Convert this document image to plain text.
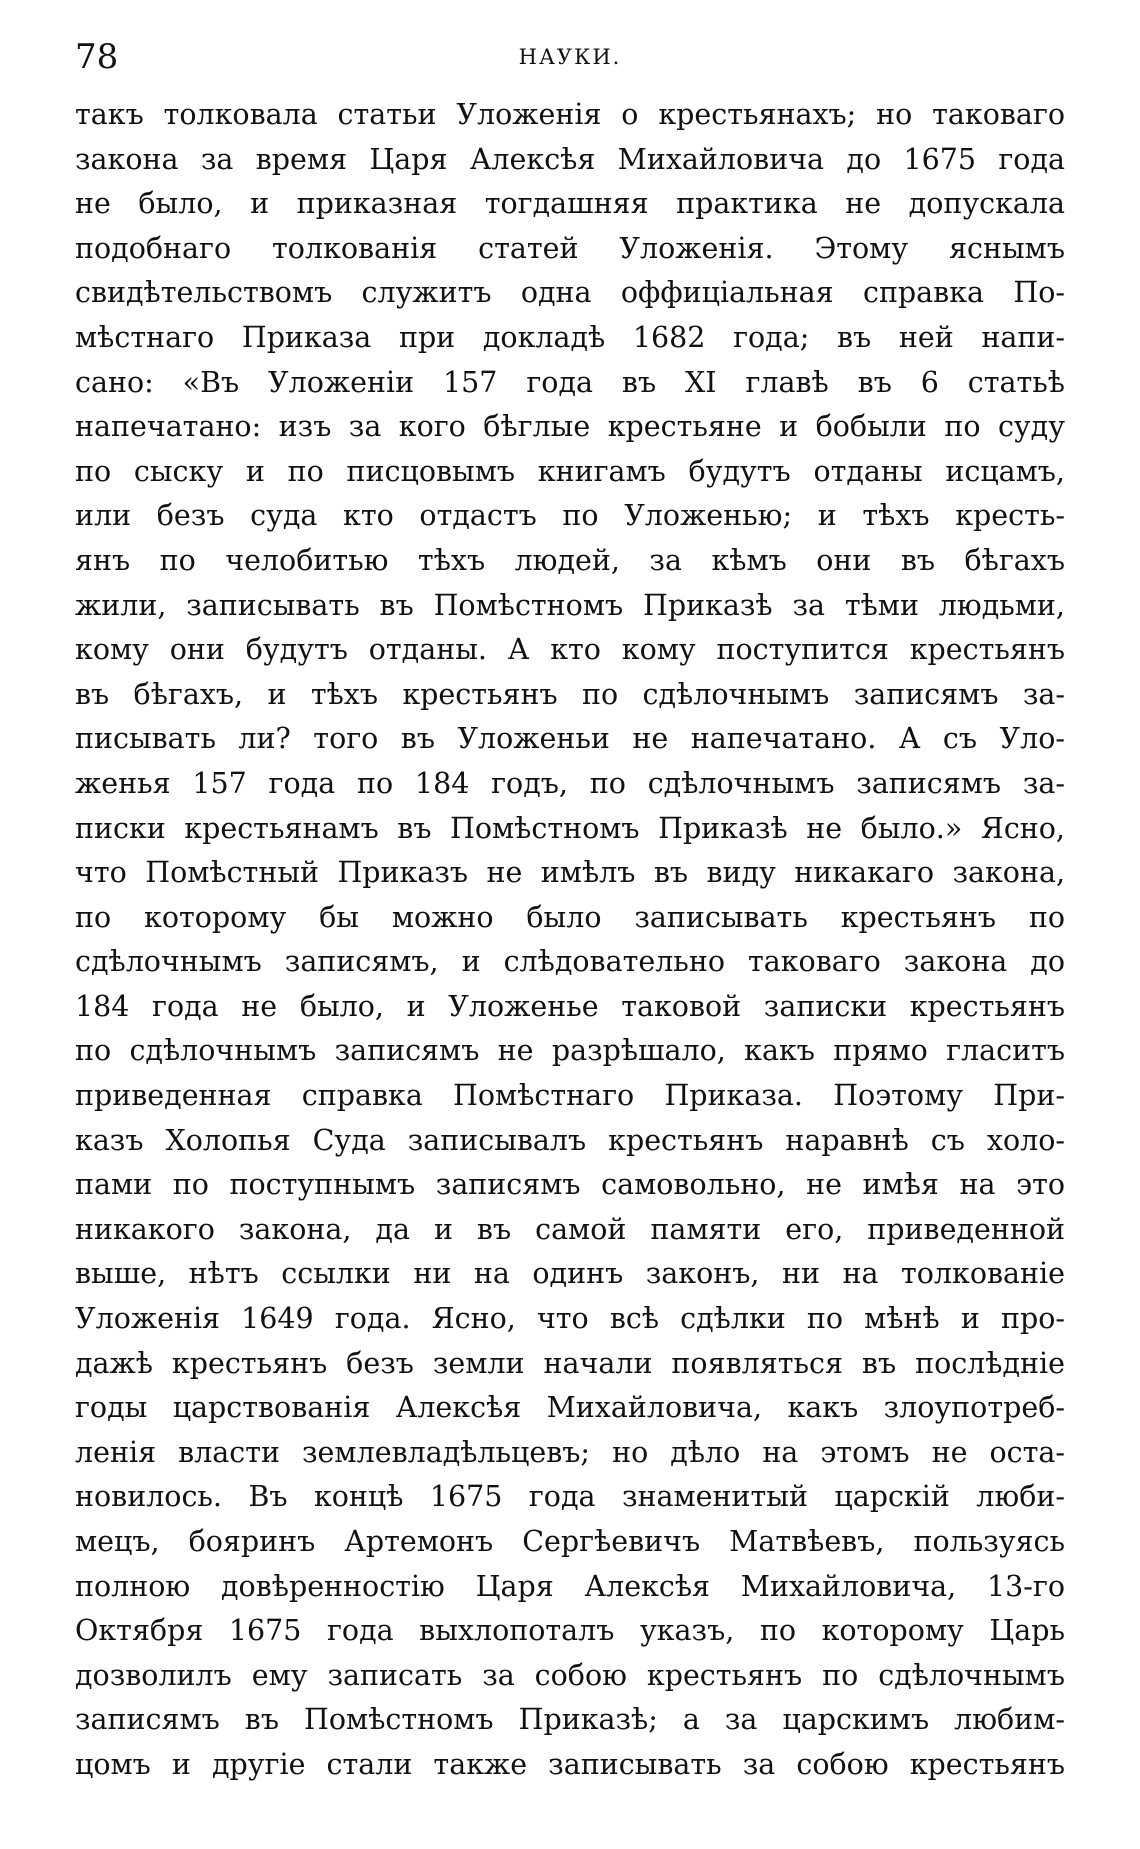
78	НАУКИ.
такъ толковала статьи Уложенія о крестьянахъ; но таковаго
закона за время Царя Алексѣя Михайловича до 1675 года
не было, и приказная тогдашняя практика не допускала
подобнаго толкованія статей Уложенія. Этому яснымъ
свидѣтельствомъ служитъ одна оффиціальная справка По-
мѣстнаго Приказа при докладѣ 1682 года; въ ней напи-
сано: «Въ Уложеніи 157 года въ XI главѣ въ 6 статьѣ
напечатано: изъ за кого бѣглые крестьяне и бобыли по суду
по сыску и по писцовымъ книгамъ будутъ отданы исцамъ,
или безъ суда кто отдастъ по Уложенью; и тѣхъ кресть-
янъ по челобитью тѣхъ людей, за кѣмъ они въ бѣгахъ
жили, записывать въ Помѣстномъ Приказѣ за тѣми людьми,
кому они будутъ отданы. А кто кому поступится крестьянъ
въ бѣгахъ, и тѣхъ крестьянъ по сдѣлочнымъ записямъ за-
писывать ли? того въ Уложеньи не напечатано. А съ Уло-
женья 157 года по 184 годъ, по сдѣлочнымъ записямъ за-
писки крестьянамъ въ Помѣстномъ Приказѣ не было.» Ясно,
что Помѣстный Приказъ не имѣлъ въ виду никакаго закона,
по которому бы можно было записывать крестьянъ по
сдѣлочнымъ записямъ, и слѣдовательно таковаго закона до
184 года не было, и Уложенье таковой записки крестьянъ
по сдѣлочнымъ записямъ не разрѣшало, какъ прямо гласитъ
приведенная справка Помѣстнаго Приказа. Поэтому При-
казъ Холопья Суда записывалъ крестьянъ наравнѣ съ холо-
пами по поступнымъ записямъ самовольно, не имѣя на это
никакого закона, да и въ самой памяти его, приведенной
выше, нѣтъ ссылки ни на одинъ законъ, ни на толкованіе
Уложенія 1649 года. Ясно, что всѣ сдѣлки по мѣнѣ и про-
дажѣ крестьянъ безъ земли начали появляться въ послѣдніе
годы царствованія Алексѣя Михайловича, какъ злоупотреб-
ленія власти землевладѣльцевъ; но дѣло на этомъ не оста-
новилось. Въ концѣ 1675 года знаменитый царскій люби-
мецъ, бояринъ Артемонъ Сергѣевичъ Матвѣевъ, пользуясь
полною довѣренностію Царя Алексѣя Михайловича, 13-го
Октября 1675 года выхлопоталъ указъ, по которому Царь
дозволилъ ему записать за собою крестьянъ по сдѣлочнымъ
записямъ въ Помѣстномъ Приказѣ; а за царскимъ любим-
цомъ и другіе стали также записывать за собою крестьянъ
